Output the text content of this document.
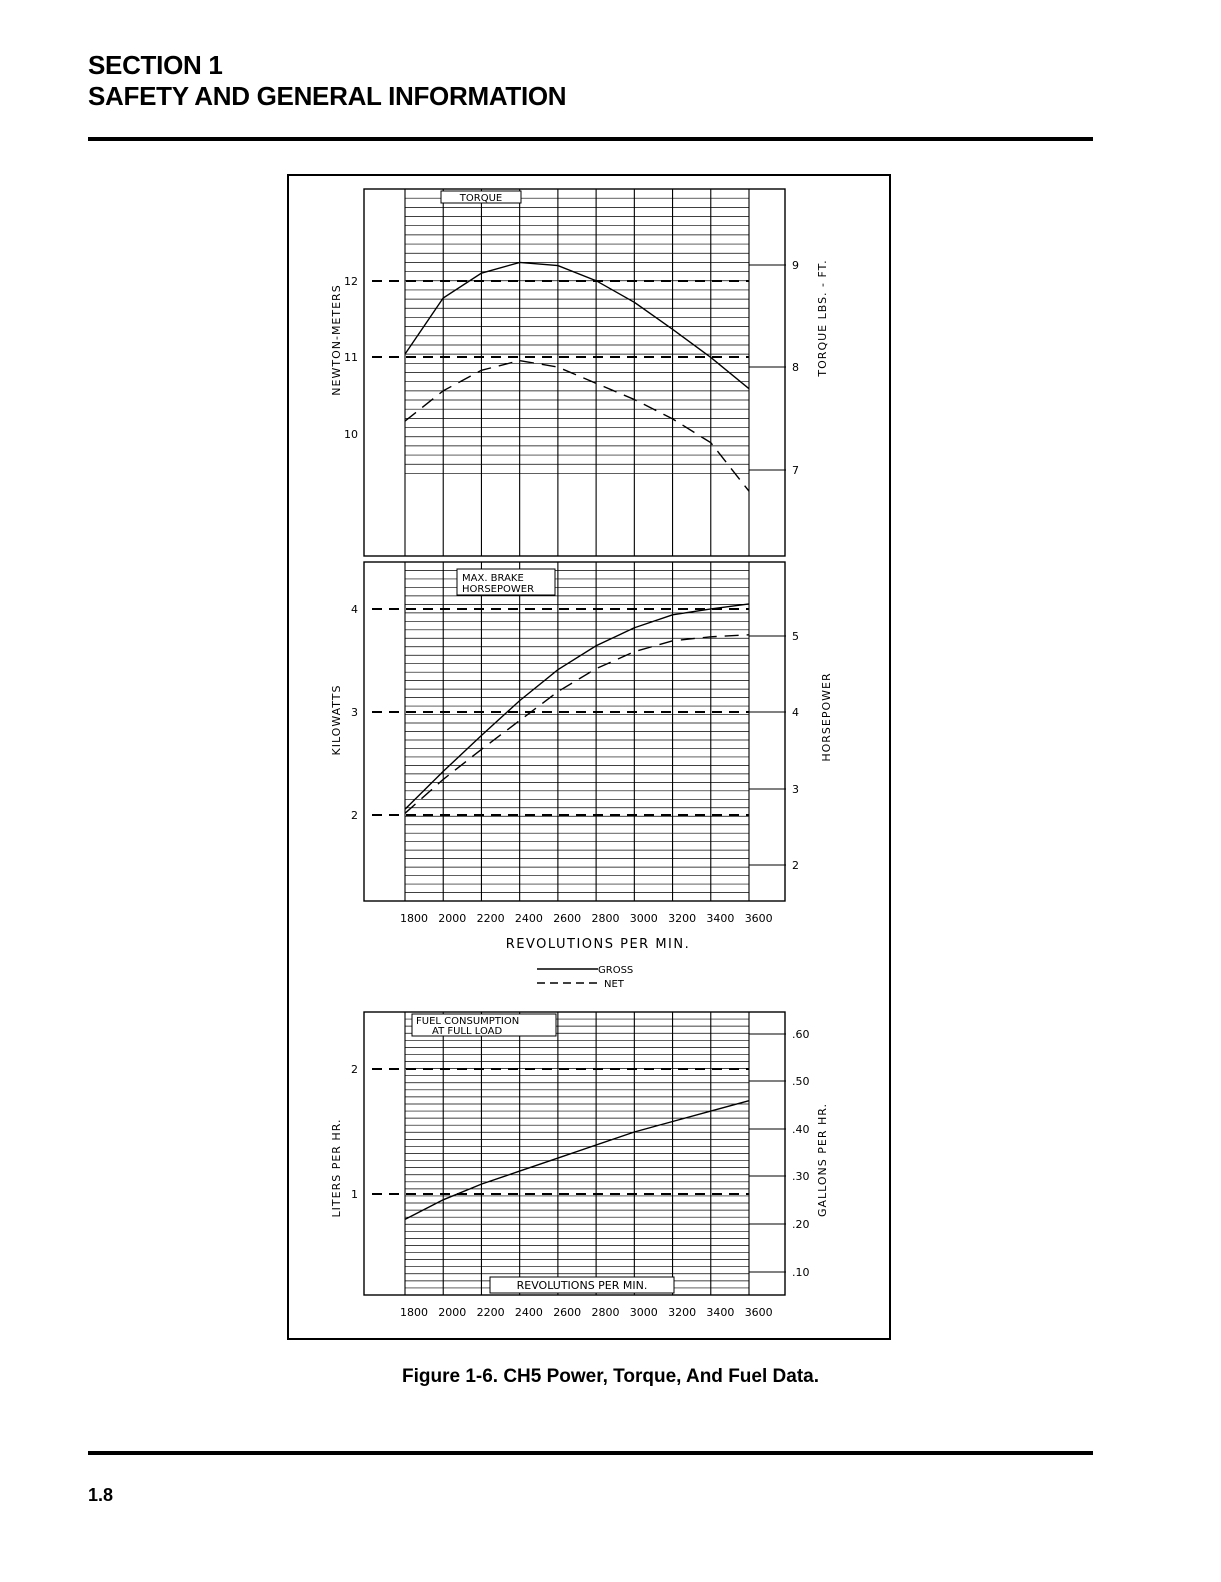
SECTION 1
SAFETY AND GENERAL INFORMATION
10
11
12
7
8
9
2
3
4
2
3
4
5
1
2
.10
.20
.30
.40
.50
.60
TORQUE
MAX. BRAKE
HORSEPOWER
FUEL CONSUMPTION
AT FULL LOAD
REVOLUTIONS PER MIN.
NEWTON-METERS	TORQUE LBS. - FT.
KILOWATTS	HORSEPOWER
LITERS PER HR.	GALLONS PER HR.
1800 2000 2200 2400 2600 2800 3000 3200 3400 3600
1800 2000 2200 2400 2600 2800 3000 3200 3400 3600
REVOLUTIONS PER MIN.
GROSS
NET
Figure 1-6. CH5 Power, Torque, And Fuel Data.
1.8
